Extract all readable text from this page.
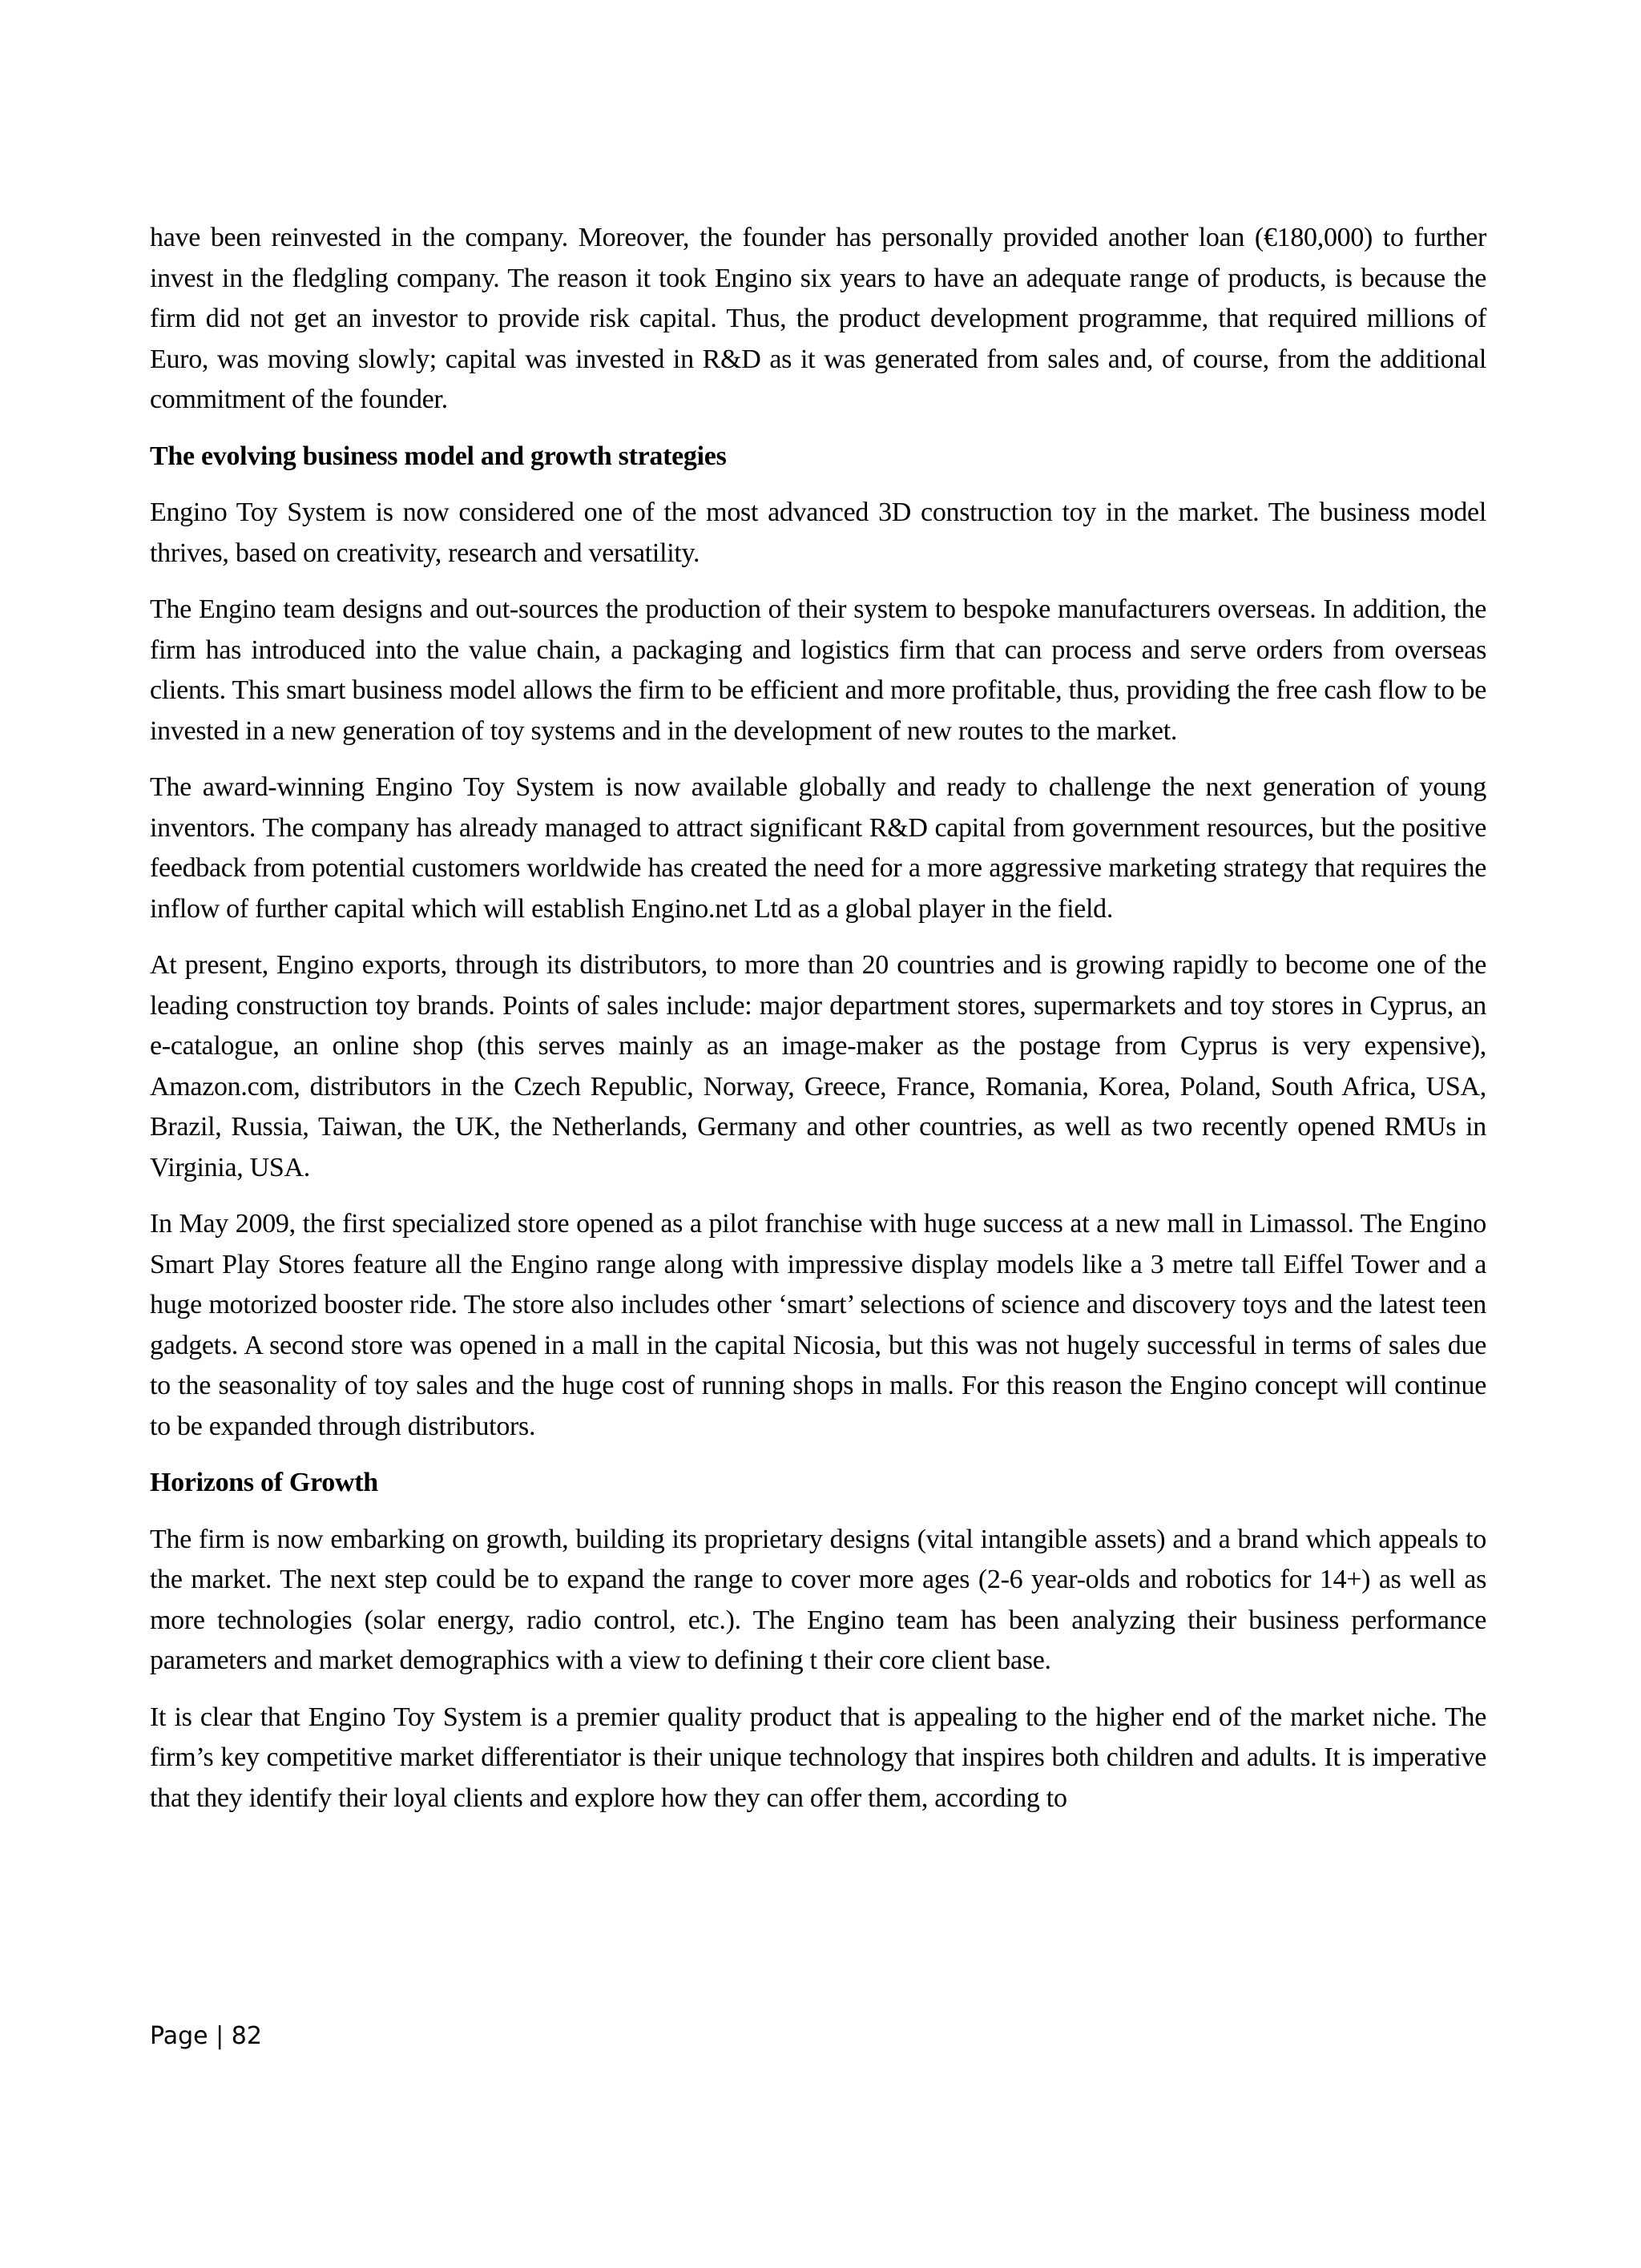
have been reinvested in the company. Moreover, the founder has personally provided another loan (€180,000) to further invest in the fledgling company. The reason it took Engino six years to have an adequate range of products, is because the firm did not get an investor to provide risk capital. Thus, the product development programme, that required millions of Euro, was moving slowly; capital was invested in R&D as it was generated from sales and, of course, from the additional commitment of the founder.

The evolving business model and growth strategies

Engino Toy System is now considered one of the most advanced 3D construction toy in the market. The business model thrives, based on creativity, research and versatility.

The Engino team designs and out-sources the production of their system to bespoke manufacturers overseas. In addition, the firm has introduced into the value chain, a packaging and logistics firm that can process and serve orders from overseas clients. This smart business model allows the firm to be efficient and more profitable, thus, providing the free cash flow to be invested in a new generation of toy systems and in the development of new routes to the market.

The award-winning Engino Toy System is now available globally and ready to challenge the next generation of young inventors. The company has already managed to attract significant R&D capital from government resources, but the positive feedback from potential customers worldwide has created the need for a more aggressive marketing strategy that requires the inflow of further capital which will establish Engino.net Ltd as a global player in the field.

At present, Engino exports, through its distributors, to more than 20 countries and is growing rapidly to become one of the leading construction toy brands. Points of sales include: major department stores, supermarkets and toy stores in Cyprus, an e-catalogue, an online shop (this serves mainly as an image-maker as the postage from Cyprus is very expensive), Amazon.com, distributors in the Czech Republic, Norway, Greece, France, Romania, Korea, Poland, South Africa, USA, Brazil, Russia, Taiwan, the UK, the Netherlands, Germany and other countries, as well as two recently opened RMUs in Virginia, USA.

In May 2009, the first specialized store opened as a pilot franchise with huge success at a new mall in Limassol. The Engino Smart Play Stores feature all the Engino range along with impressive display models like a 3 metre tall Eiffel Tower and a huge motorized booster ride. The store also includes other ‘smart’ selections of science and discovery toys and the latest teen gadgets. A second store was opened in a mall in the capital Nicosia, but this was not hugely successful in terms of sales due to the seasonality of toy sales and the huge cost of running shops in malls. For this reason the Engino concept will continue to be expanded through distributors.

Horizons of Growth

The firm is now embarking on growth, building its proprietary designs (vital intangible assets) and a brand which appeals to the market. The next step could be to expand the range to cover more ages (2-6 year-olds and robotics for 14+) as well as more technologies (solar energy, radio control, etc.). The Engino team has been analyzing their business performance parameters and market demographics with a view to defining t their core client base.

It is clear that Engino Toy System is a premier quality product that is appealing to the higher end of the market niche. The firm’s key competitive market differentiator is their unique technology that inspires both children and adults. It is imperative that they identify their loyal clients and explore how they can offer them, according to

Page | 82
